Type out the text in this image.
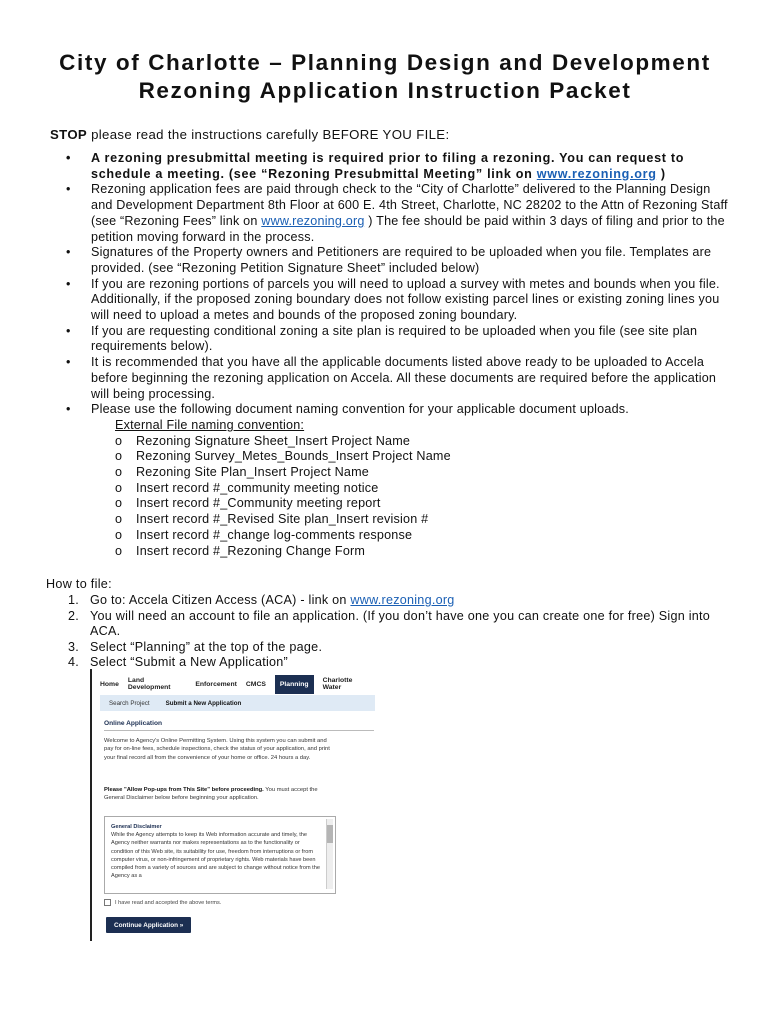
City of Charlotte – Planning Design and Development
Rezoning Application Instruction Packet
STOP please read the instructions carefully BEFORE YOU FILE:
• A rezoning presubmittal meeting is required prior to filing a rezoning. You can request to schedule a meeting. (see “Rezoning Presubmittal Meeting” link on www.rezoning.org )
• Rezoning application fees are paid through check to the “City of Charlotte” delivered to the Planning Design and Development Department 8th Floor at 600 E. 4th Street, Charlotte, NC 28202 to the Attn of Rezoning Staff (see “Rezoning Fees” link on www.rezoning.org ) The fee should be paid within 3 days of filing and prior to the petition moving forward in the process.
• Signatures of the Property owners and Petitioners are required to be uploaded when you file. Templates are provided. (see “Rezoning Petition Signature Sheet” included below)
• If you are rezoning portions of parcels you will need to upload a survey with metes and bounds when you file. Additionally, if the proposed zoning boundary does not follow existing parcel lines or existing zoning lines you will need to upload a metes and bounds of the proposed zoning boundary.
• If you are requesting conditional zoning a site plan is required to be uploaded when you file (see site plan requirements below).
• It is recommended that you have all the applicable documents listed above ready to be uploaded to Accela before beginning the rezoning application on Accela. All these documents are required before the application will being processing.
• Please use the following document naming convention for your applicable document uploads.
External File naming convention:
o Rezoning Signature Sheet_Insert Project Name
o Rezoning Survey_Metes_Bounds_Insert Project Name
o Rezoning Site Plan_Insert Project Name
o Insert record #_community meeting notice
o Insert record #_Community meeting report
o Insert record #_Revised Site plan_Insert revision #
o Insert record #_change log-comments response
o Insert record #_Rezoning Change Form
How to file:
1. Go to: Accela Citizen Access (ACA) - link on www.rezoning.org
2. You will need an account to file an application. (If you don’t have one you can create one for free) Sign into ACA.
3. Select “Planning” at the top of the page.
4. Select “Submit a New Application”
Home Land Development	Enforcement CMCS	Planning	Charlotte Water
Search Project	Submit a New Application
Online Application
Welcome to Agency's Online Permitting System. Using this system you can submit and pay for on-line fees, schedule inspections, check the status of your application, and print your final record all from the convenience of your home or office. 24 hours a day.
Please "Allow Pop-ups from This Site" before proceeding. You must accept the General Disclaimer below before beginning your application.
General Disclaimer
While the Agency attempts to keep its Web information accurate and timely, the Agency neither warrants nor makes representations as to the functionality or condition of this Web site, its suitability for use, freedom from interruptions or from computer virus, or non-infringement of proprietary rights. Web materials have been compiled from a variety of sources and are subject to change without notice from the Agency as a
I have read and accepted the above terms.
Continue Application »
